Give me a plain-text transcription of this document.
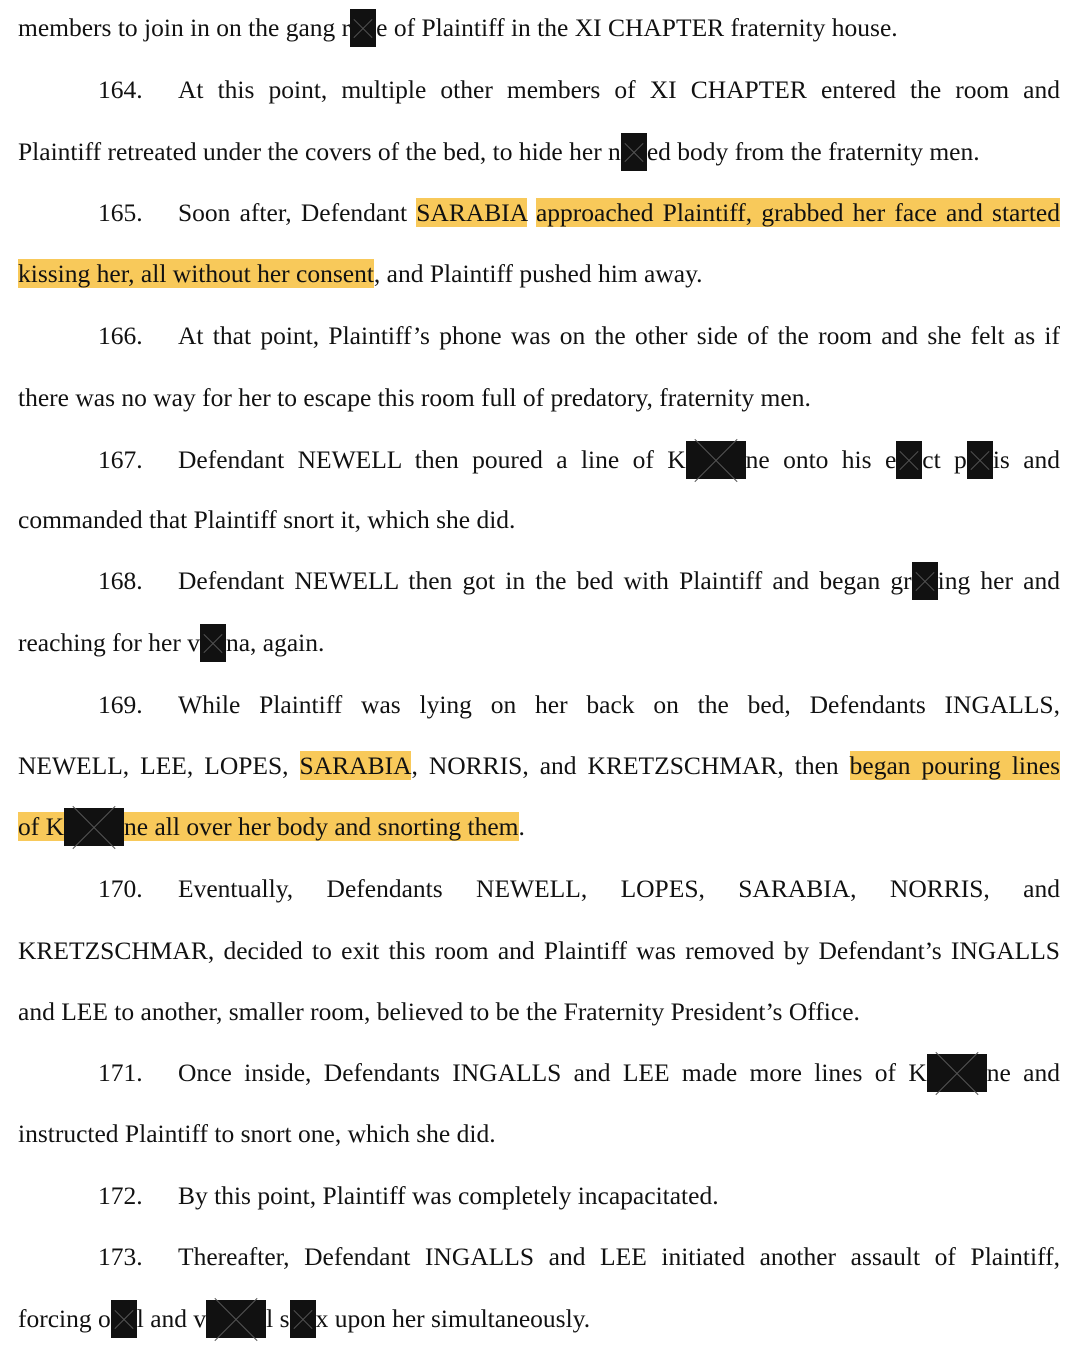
members to join in on the gang r e of Plaintiff in the XI CHAPTER fraternity house.
164. At this point, multiple other members of XI CHAPTER entered the room and
Plaintiff retreated under the covers of the bed, to hide her n ed body from the fraternity men.
165. Soon after, Defendant SARABIA approached Plaintiff, grabbed her face and started
kissing her, all without her consent, and Plaintiff pushed him away.
166. At that point, Plaintiff’s phone was on the other side of the room and she felt as if
there was no way for her to escape this room full of predatory, fraternity men.
167. Defendant NEWELL then poured a line of K ne onto his e ct p is and
commanded that Plaintiff snort it, which she did.
168. Defendant NEWELL then got in the bed with Plaintiff and began gr ing her and
reaching for her v na, again.
169. While Plaintiff was lying on her back on the bed, Defendants INGALLS,
NEWELL, LEE, LOPES, SARABIA, NORRIS, and KRETZSCHMAR, then began pouring lines
of K ne all over her body and snorting them.
170. Eventually, Defendants NEWELL, LOPES, SARABIA, NORRIS, and
KRETZSCHMAR, decided to exit this room and Plaintiff was removed by Defendant’s INGALLS
and LEE to another, smaller room, believed to be the Fraternity President’s Office.
171. Once inside, Defendants INGALLS and LEE made more lines of K ne and
instructed Plaintiff to snort one, which she did.
172. By this point, Plaintiff was completely incapacitated.
173. Thereafter, Defendant INGALLS and LEE initiated another assault of Plaintiff,
forcing o l and v l s x upon her simultaneously.
